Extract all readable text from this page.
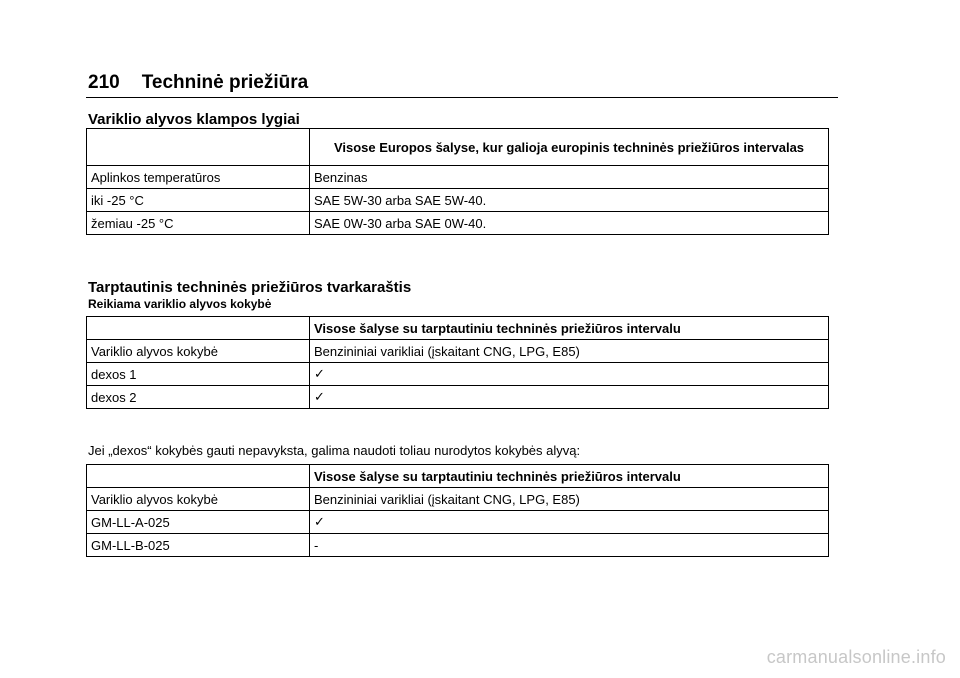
210 Techninė priežiūra
Variklio alyvos klampos lygiai
	Visose Europos šalyse, kur galioja europinis techninės priežiūros intervalas
Aplinkos temperatūros	Benzinas
iki -25 °C	SAE 5W-30 arba SAE 5W-40.
žemiau -25 °C	SAE 0W-30 arba SAE 0W-40.
Tarptautinis techninės priežiūros tvarkaraštis
Reikiama variklio alyvos kokybė
	Visose šalyse su tarptautiniu techninės priežiūros intervalu
Variklio alyvos kokybė	Benzininiai varikliai (įskaitant CNG, LPG, E85)
dexos 1	✓
dexos 2	✓
Jei „dexos“ kokybės gauti nepavyksta, galima naudoti toliau nurodytos kokybės alyvą:
	Visose šalyse su tarptautiniu techninės priežiūros intervalu
Variklio alyvos kokybė	Benzininiai varikliai (įskaitant CNG, LPG, E85)
GM-LL-A-025	✓
GM-LL-B-025	-
carmanualsonline.info
